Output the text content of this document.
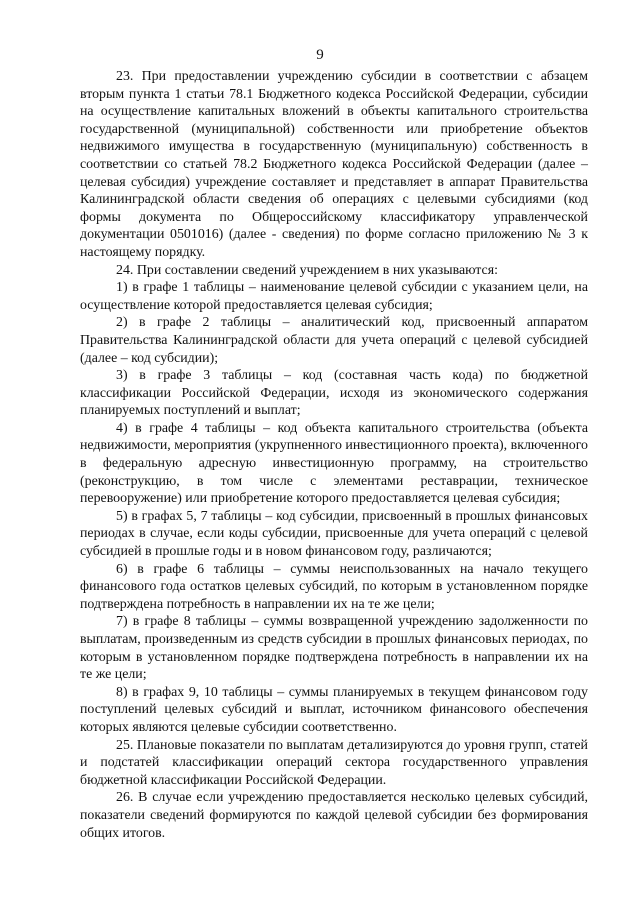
9

23. При предоставлении учреждению субсидии в соответствии с абзацем вторым пункта 1 статьи 78.1 Бюджетного кодекса Российской Федерации, субсидии на осуществление капитальных вложений в объекты капитального строительства государственной (муниципальной) собственности или приобретение объектов недвижимого имущества в государственную (муниципальную) собственность в соответствии со статьей 78.2 Бюджетного кодекса Российской Федерации (далее – целевая субсидия) учреждение составляет и представляет в аппарат Правительства Калининградской области сведения об операциях с целевыми субсидиями (код формы документа по Общероссийскому классификатору управленческой документации 0501016) (далее - сведения) по форме согласно приложению № 3 к настоящему порядку.

24. При составлении сведений учреждением в них указываются:

1) в графе 1 таблицы – наименование целевой субсидии с указанием цели, на осуществление которой предоставляется целевая субсидия;

2) в графе 2 таблицы – аналитический код, присвоенный аппаратом Правительства Калининградской области для учета операций с целевой субсидией (далее – код субсидии);

3) в графе 3 таблицы – код (составная часть кода) по бюджетной классификации Российской Федерации, исходя из экономического содержания планируемых поступлений и выплат;

4) в графе 4 таблицы – код объекта капитального строительства (объекта недвижимости, мероприятия (укрупненного инвестиционного проекта), включенного в федеральную адресную инвестиционную программу, на строительство (реконструкцию, в том числе с элементами реставрации, техническое перевооружение) или приобретение которого предоставляется целевая субсидия;

5) в графах 5, 7 таблицы – код субсидии, присвоенный в прошлых финансовых периодах в случае, если коды субсидии, присвоенные для учета операций с целевой субсидией в прошлые годы и в новом финансовом году, различаются;

6) в графе 6 таблицы – суммы неиспользованных на начало текущего финансового года остатков целевых субсидий, по которым в установленном порядке подтверждена потребность в направлении их на те же цели;

7) в графе 8 таблицы – суммы возвращенной учреждению задолженности по выплатам, произведенным из средств субсидии в прошлых финансовых периодах, по которым в установленном порядке подтверждена потребность в направлении их на те же цели;

8) в графах 9, 10 таблицы – суммы планируемых в текущем финансовом году поступлений целевых субсидий и выплат, источником финансового обеспечения которых являются целевые субсидии соответственно.

25. Плановые показатели по выплатам детализируются до уровня групп, статей и подстатей классификации операций сектора государственного управления бюджетной классификации Российской Федерации.

26. В случае если учреждению предоставляется несколько целевых субсидий, показатели сведений формируются по каждой целевой субсидии без формирования общих итогов.
